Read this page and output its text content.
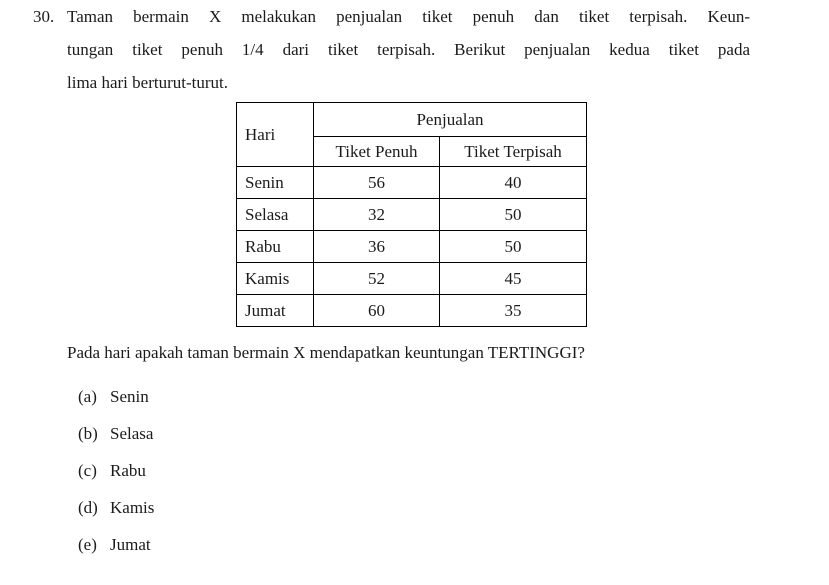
30. Taman bermain X melakukan penjualan tiket penuh dan tiket terpisah. Keun-
tungan tiket penuh 1/4 dari tiket terpisah. Berikut penjualan kedua tiket pada
lima hari berturut-turut.
Hari	Penjualan	
	Tiket Penuh	Tiket Terpisah
Senin	56	40
Selasa	32	50
Rabu	36	50
Kamis	52	45
Jumat	60	35
Pada hari apakah taman bermain X mendapatkan keuntungan TERTINGGI?
(a) Senin
(b) Selasa
(c) Rabu
(d) Kamis
(e) Jumat
